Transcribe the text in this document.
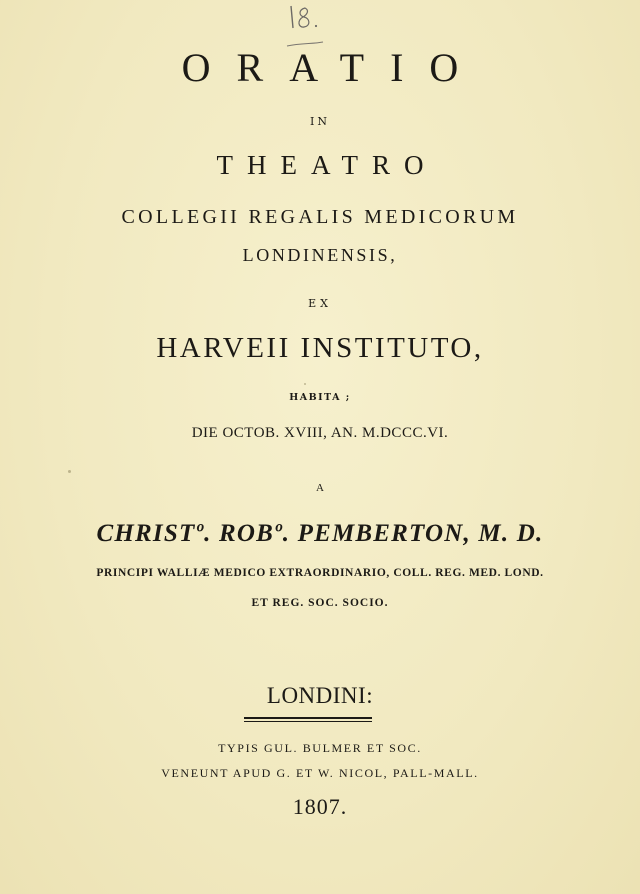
ORATIO

IN

THEATRO

COLLEGII REGALIS MEDICORUM

LONDINENSIS,

EX

HARVEII INSTITUTO,

HABITA ;

DIE OCTOB. XVIII, AN. M.DCCC.VI.

A

CHRISTº. ROBº. PEMBERTON, M. D.

PRINCIPI WALLIÆ MEDICO EXTRAORDINARIO, COLL. REG. MED. LOND.

ET REG. SOC. SOCIO.

LONDINI:

TYPIS GUL. BULMER ET SOC.

VENEUNT APUD G. ET W. NICOL, PALL-MALL.

1807.
